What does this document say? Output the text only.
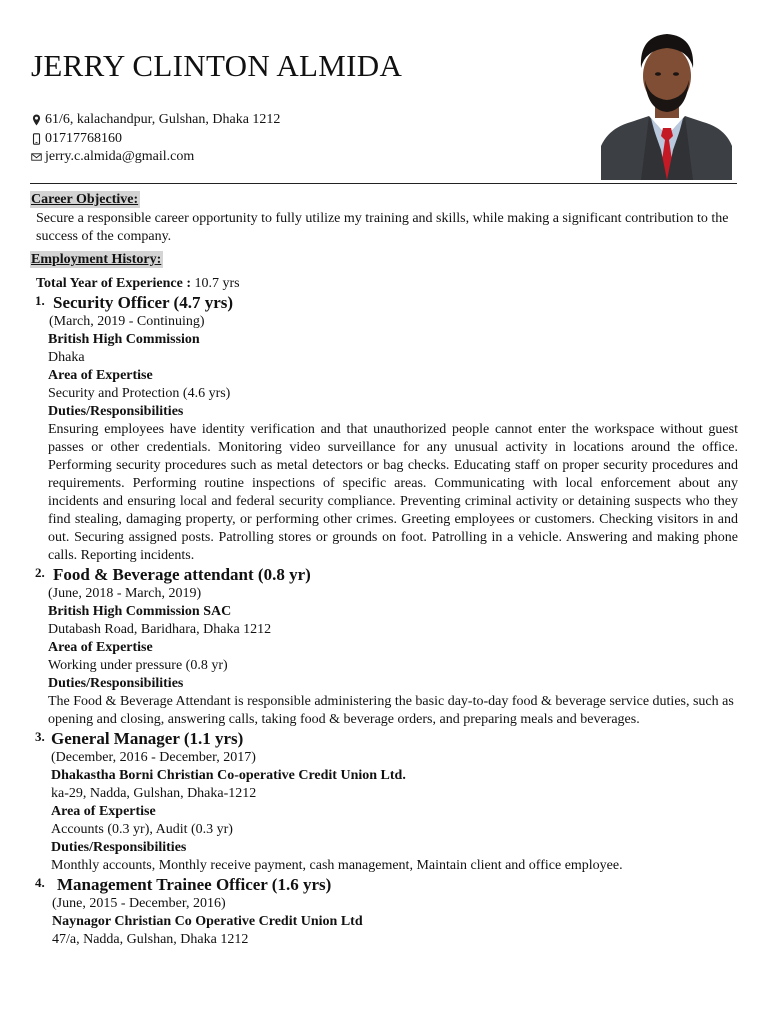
JERRY CLINTON ALMIDA
61/6, kalachandpur, Gulshan, Dhaka 1212
01717768160
jerry.c.almida@gmail.com
Career Objective:
Secure a responsible career opportunity to fully utilize my training and skills, while making a significant contribution to the success of the company.
Employment History:
Total Year of Experience : 10.7 yrs
1. Security Officer (4.7 yrs)
(March, 2019 - Continuing)
British High Commission
Dhaka
Area of Expertise
Security and Protection (4.6 yrs)
Duties/Responsibilities
Ensuring employees have identity verification and that unauthorized people cannot enter the workspace without guest passes or other credentials. Monitoring video surveillance for any unusual activity in locations around the office. Performing security procedures such as metal detectors or bag checks. Educating staff on proper security procedures and requirements. Performing routine inspections of specific areas. Communicating with local enforcement about any incidents and ensuring local and federal security compliance. Preventing criminal activity or detaining suspects who they find stealing, damaging property, or performing other crimes. Greeting employees or customers. Checking visitors in and out. Securing assigned posts. Patrolling stores or grounds on foot. Patrolling in a vehicle. Answering and making phone calls. Reporting incidents.
2. Food & Beverage attendant (0.8 yr)
(June, 2018 - March, 2019)
British High Commission SAC
Dutabash Road, Baridhara, Dhaka 1212
Area of Expertise
Working under pressure (0.8 yr)
Duties/Responsibilities
The Food & Beverage Attendant is responsible administering the basic day-to-day food & beverage service duties, such as opening and closing, answering calls, taking food & beverage orders, and preparing meals and beverages.
3. General Manager (1.1 yrs)
(December, 2016 - December, 2017)
Dhakastha Borni Christian Co-operative Credit Union Ltd.
ka-29, Nadda, Gulshan, Dhaka-1212
Area of Expertise
Accounts (0.3 yr), Audit (0.3 yr)
Duties/Responsibilities
Monthly accounts, Monthly receive payment, cash management, Maintain client and office employee.
4. Management Trainee Officer (1.6 yrs)
(June, 2015 - December, 2016)
Naynagor Christian Co Operative Credit Union Ltd
47/a, Nadda, Gulshan, Dhaka 1212
